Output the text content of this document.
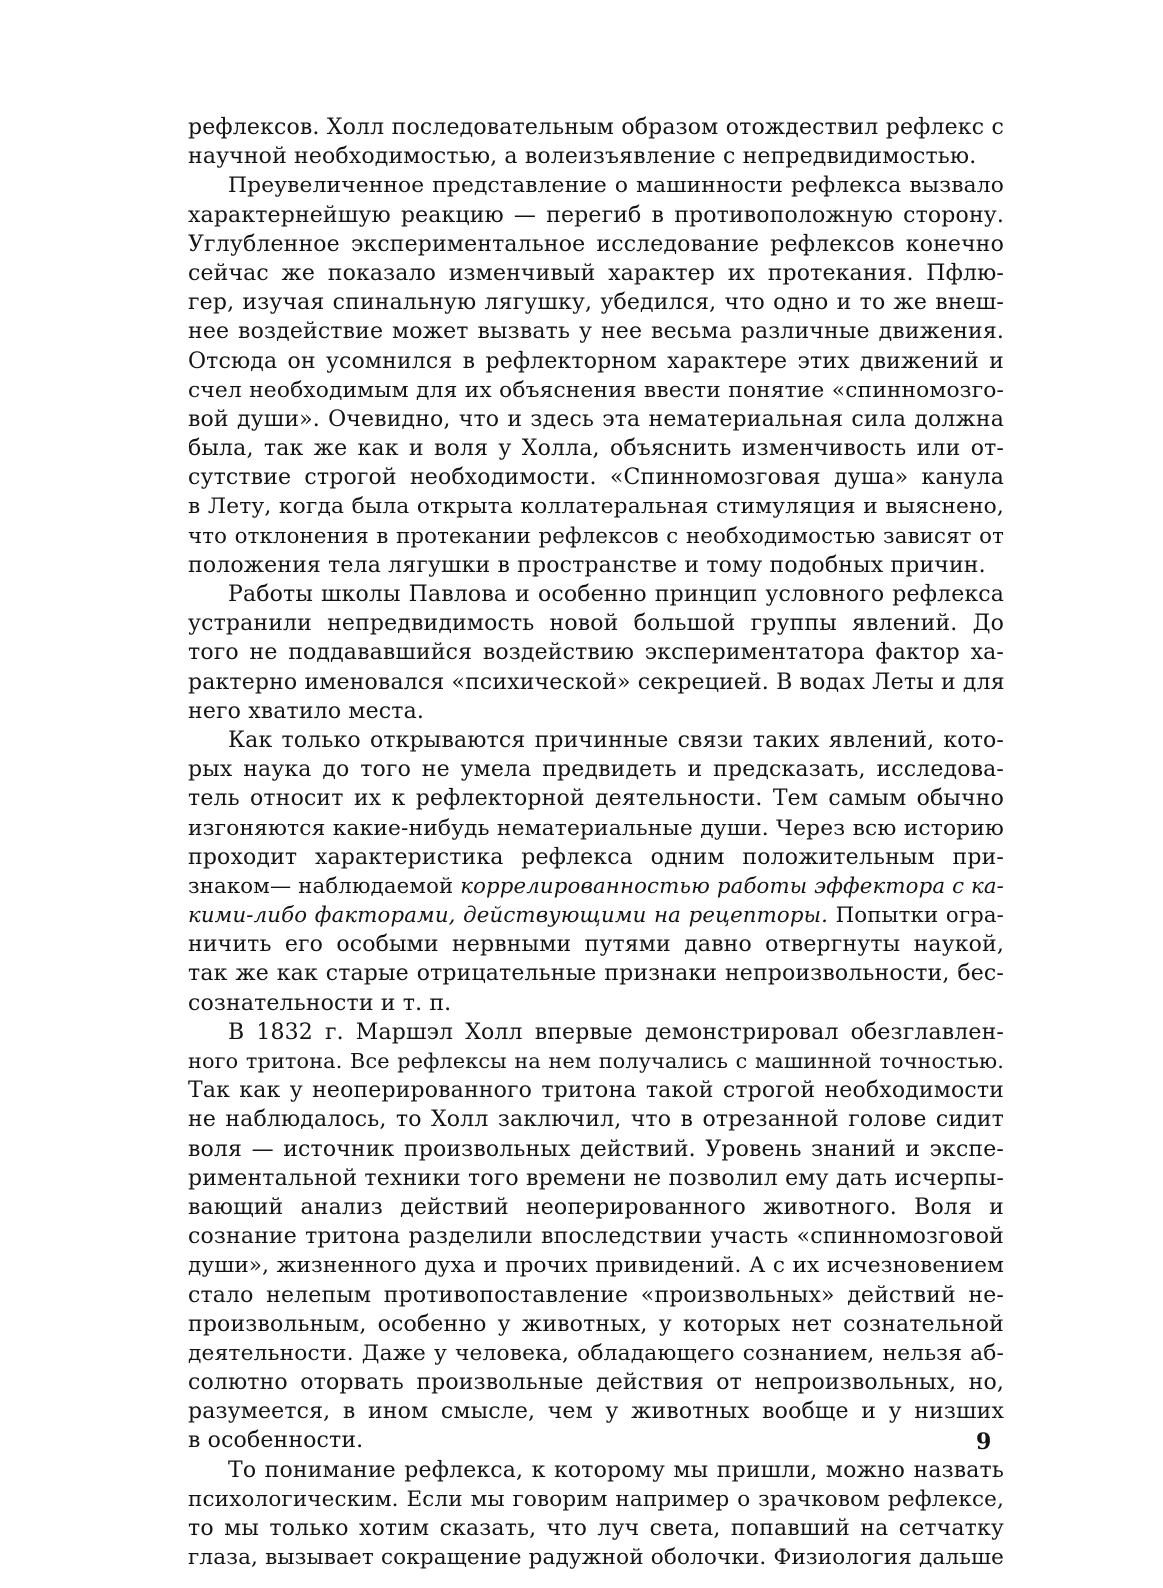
рефлексов. Холл последовательным образом отождествил рефлекс с
научной необходимостью, а волеизъявление с непредвидимостью.
Преувеличенное представление о машинности рефлекса вызвало
характернейшую реакцию — перегиб в противоположную сторону.
Углубленное экспериментальное исследование рефлексов конечно
сейчас же показало изменчивый характер их протекания. Пфлю-
гер, изучая спинальную лягушку, убедился, что одно и то же внеш-
нее воздействие может вызвать у нее весьма различные движения.
Отсюда он усомнился в рефлекторном характере этих движений и
счел необходимым для их объяснения ввести понятие «спинномозго-
вой души». Очевидно, что и здесь эта нематериальная сила должна
была, так же как и воля у Холла, объяснить изменчивость или от-
сутствие строгой необходимости. «Спинномозговая душа» канула
в Лету, когда была открыта коллатеральная стимуляция и выяснено,
что отклонения в протекании рефлексов с необходимостью зависят от
положения тела лягушки в пространстве и тому подобных причин.
Работы школы Павлова и особенно принцип условного рефлекса
устранили непредвидимость новой большой группы явлений. До
того не поддававшийся воздействию экспериментатора фактор ха-
рактерно именовался «психической» секрецией. В водах Леты и для
него хватило места.
Как только открываются причинные связи таких явлений, кото-
рых наука до того не умела предвидеть и предсказать, исследова-
тель относит их к рефлекторной деятельности. Тем самым обычно
изгоняются какие-нибудь нематериальные души. Через всю историю
проходит характеристика рефлекса одним положительным при-
знаком— наблюдаемой коррелированностью работы эффектора с ка-
кими-либо факторами, действующими на рецепторы. Попытки огра-
ничить его особыми нервными путями давно отвергнуты наукой,
так же как старые отрицательные признаки непроизвольности, бес-
сознательности и т. п.
В 1832 г. Маршэл Холл впервые демонстрировал обезглавлен-
ного тритона. Все рефлексы на нем получались с машинной точностью.
Так как у неоперированного тритона такой строгой необходимости
не наблюдалось, то Холл заключил, что в отрезанной голове сидит
воля — источник произвольных действий. Уровень знаний и экспе-
риментальной техники того времени не позволил ему дать исчерпы-
вающий анализ действий неоперированного животного. Воля и
сознание тритона разделили впоследствии участь «спинномозговой
души», жизненного духа и прочих привидений. А с их исчезновением
стало нелепым противопоставление «произвольных» действий не-
произвольным, особенно у животных, у которых нет сознательной
деятельности. Даже у человека, обладающего сознанием, нельзя аб-
солютно оторвать произвольные действия от непроизвольных, но,
разумеется, в ином смысле, чем у животных вообще и у низших
в особенности.
То понимание рефлекса, к которому мы пришли, можно назвать
психологическим. Если мы говорим например о зрачковом рефлексе,
то мы только хотим сказать, что луч света, попавший на сетчатку
глаза, вызывает сокращение радужной оболочки. Физиология дальше
9
